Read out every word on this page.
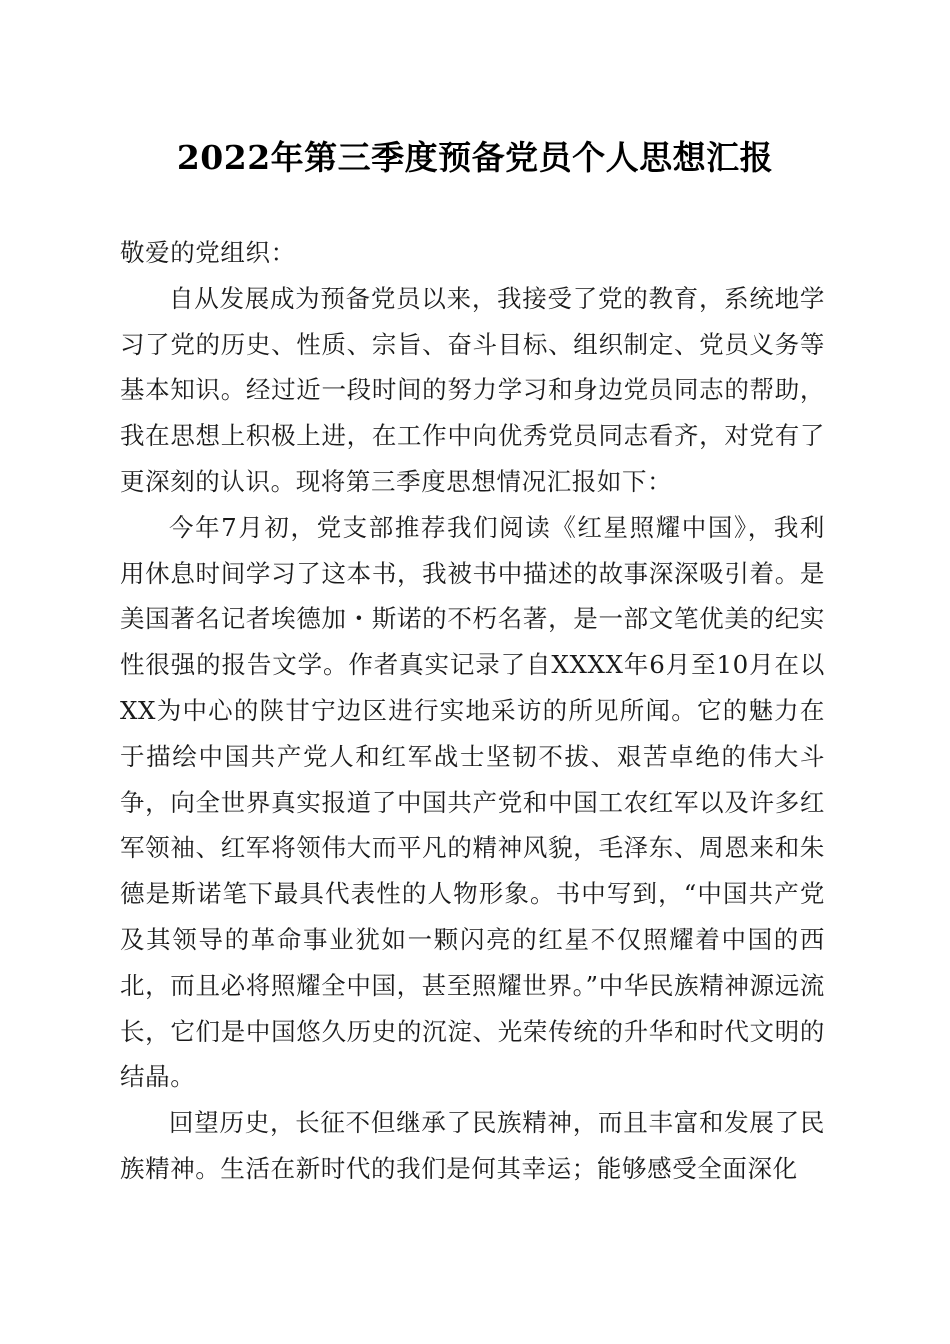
2022年第三季度预备党员个人思想汇报

敬爱的党组织：

自从发展成为预备党员以来，我接受了党的教育，系统地学习了党的历史、性质、宗旨、奋斗目标、组织制定、党员义务等基本知识。经过近一段时间的努力学习和身边党员同志的帮助，我在思想上积极上进，在工作中向优秀党员同志看齐，对党有了更深刻的认识。现将第三季度思想情况汇报如下：

今年7月初，党支部推荐我们阅读《红星照耀中国》，我利用休息时间学习了这本书，我被书中描述的故事深深吸引着。是美国著名记者埃德加・斯诺的不朽名著，是一部文笔优美的纪实性很强的报告文学。作者真实记录了自XXXX年6月至10月在以XX为中心的陕甘宁边区进行实地采访的所见所闻。它的魅力在于描绘中国共产党人和红军战士坚韧不拔、艰苦卓绝的伟大斗争，向全世界真实报道了中国共产党和中国工农红军以及许多红军领袖、红军将领伟大而平凡的精神风貌，毛泽东、周恩来和朱德是斯诺笔下最具代表性的人物形象。书中写到，“中国共产党及其领导的革命事业犹如一颗闪亮的红星不仅照耀着中国的西北，而且必将照耀全中国，甚至照耀世界。”中华民族精神源远流长，它们是中国悠久历史的沉淀、光荣传统的升华和时代文明的结晶。

回望历史，长征不但继承了民族精神，而且丰富和发展了民族精神。生活在新时代的我们是何其幸运；能够感受全面深化
